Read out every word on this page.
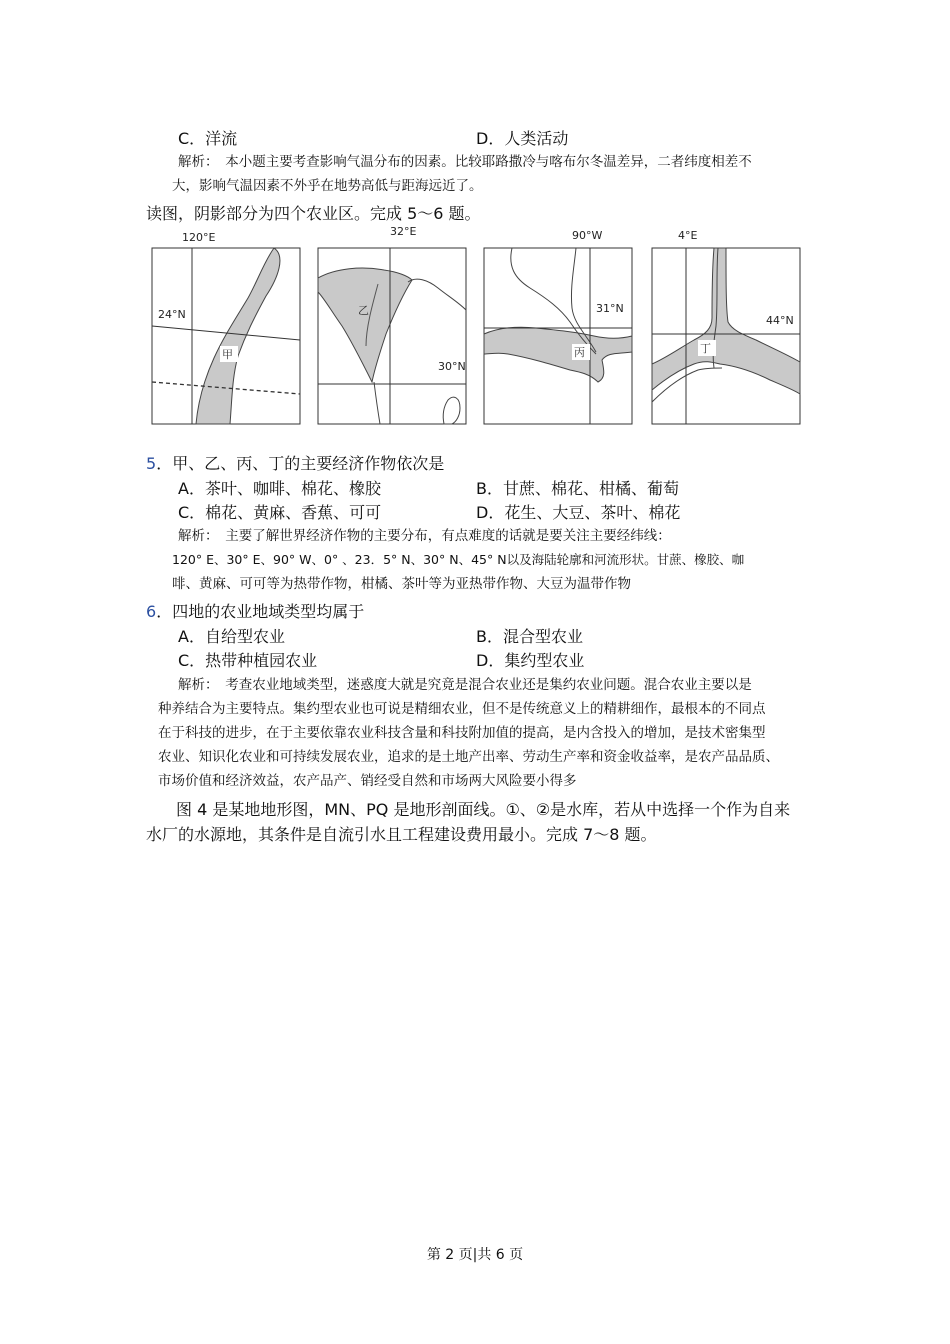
C．洋流	D．人类活动
解析：　本小题主要考查影响气温分布的因素。比较耶路撒冷与喀布尔冬温差异，二者纬度相差不
大，影响气温因素不外乎在地势高低与距海远近了。
读图，阴影部分为四个农业区。完成 5～6 题。
120°E
24°N
甲
32°E
30°N
乙
90°W
31°N
丙
4°E
44°N
丁
5．甲、乙、丙、丁的主要经济作物依次是
A．茶叶、咖啡、棉花、橡胶	B．甘蔗、棉花、柑橘、葡萄
C．棉花、黄麻、香蕉、可可	D．花生、大豆、茶叶、棉花
解析：　主要了解世界经济作物的主要分布，有点难度的话就是要关注主要经纬线：
120° E、30° E、90° W、0° 、23．5° N、30° N、45° N以及海陆轮廓和河流形状。甘蔗、橡胶、咖
啡、黄麻、可可等为热带作物，柑橘、茶叶等为亚热带作物、大豆为温带作物
6．四地的农业地域类型均属于
A．自给型农业	B．混合型农业
C．热带种植园农业	D．集约型农业
解析：　考查农业地域类型，迷惑度大就是究竟是混合农业还是集约农业问题。混合农业主要以是
种养结合为主要特点。集约型农业也可说是精细农业，但不是传统意义上的精耕细作，最根本的不同点
在于科技的进步，在于主要依靠农业科技含量和科技附加值的提高，是内含投入的增加，是技术密集型
农业、知识化农业和可持续发展农业，追求的是土地产出率、劳动生产率和资金收益率，是农产品品质、
市场价值和经济效益，农产品产、销经受自然和市场两大风险要小得多
图 4 是某地地形图，MN、PQ 是地形剖面线。①、②是水库，若从中选择一个作为自来
水厂的水源地，其条件是自流引水且工程建设费用最小。完成 7～8 题。
第 2 页|共 6 页
